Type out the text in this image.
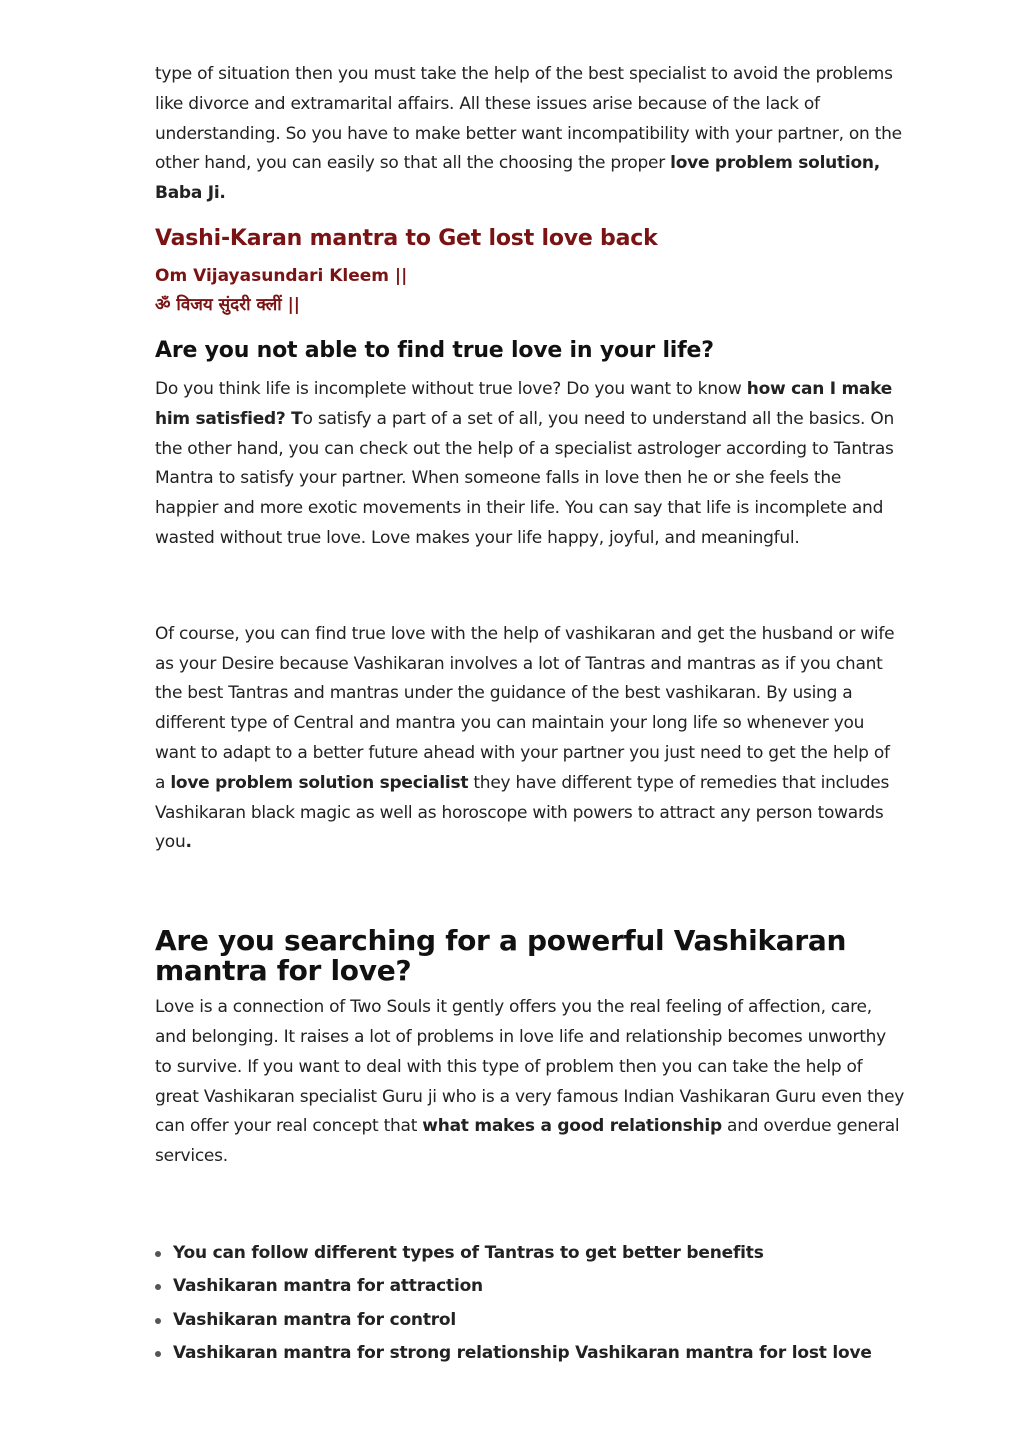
type of situation then you must take the help of the best specialist to avoid the problems like divorce and extramarital affairs. All these issues arise because of the lack of understanding. So you have to make better want incompatibility with your partner, on the other hand, you can easily so that all the choosing the proper love problem solution, Baba Ji.

Vashi-Karan mantra to Get lost love back
Om Vijayasundari Kleem ||
ॐ विजय सुंदरी क्लीं ||
Are you not able to find true love in your life?

Do you think life is incomplete without true love? Do you want to know how can I make him satisfied? To satisfy a part of a set of all, you need to understand all the basics. On the other hand, you can check out the help of a specialist astrologer according to Tantras Mantra to satisfy your partner. When someone falls in love then he or she feels the happier and more exotic movements in their life. You can say that life is incomplete and wasted without true love. Love makes your life happy, joyful, and meaningful.

Of course, you can find true love with the help of vashikaran and get the husband or wife as your Desire because Vashikaran involves a lot of Tantras and mantras as if you chant the best Tantras and mantras under the guidance of the best vashikaran. By using a different type of Central and mantra you can maintain your long life so whenever you want to adapt to a better future ahead with your partner you just need to get the help of a love problem solution specialist they have different type of remedies that includes Vashikaran black magic as well as horoscope with powers to attract any person towards you.

Are you searching for a powerful Vashikaran mantra for love?

Love is a connection of Two Souls it gently offers you the real feeling of affection, care, and belonging. It raises a lot of problems in love life and relationship becomes unworthy to survive. If you want to deal with this type of problem then you can take the help of great Vashikaran specialist Guru ji who is a very famous Indian Vashikaran Guru even they can offer your real concept that what makes a good relationship and overdue general services.

You can follow different types of Tantras to get better benefits
Vashikaran mantra for attraction
Vashikaran mantra for control
Vashikaran mantra for strong relationship Vashikaran mantra for lost love
